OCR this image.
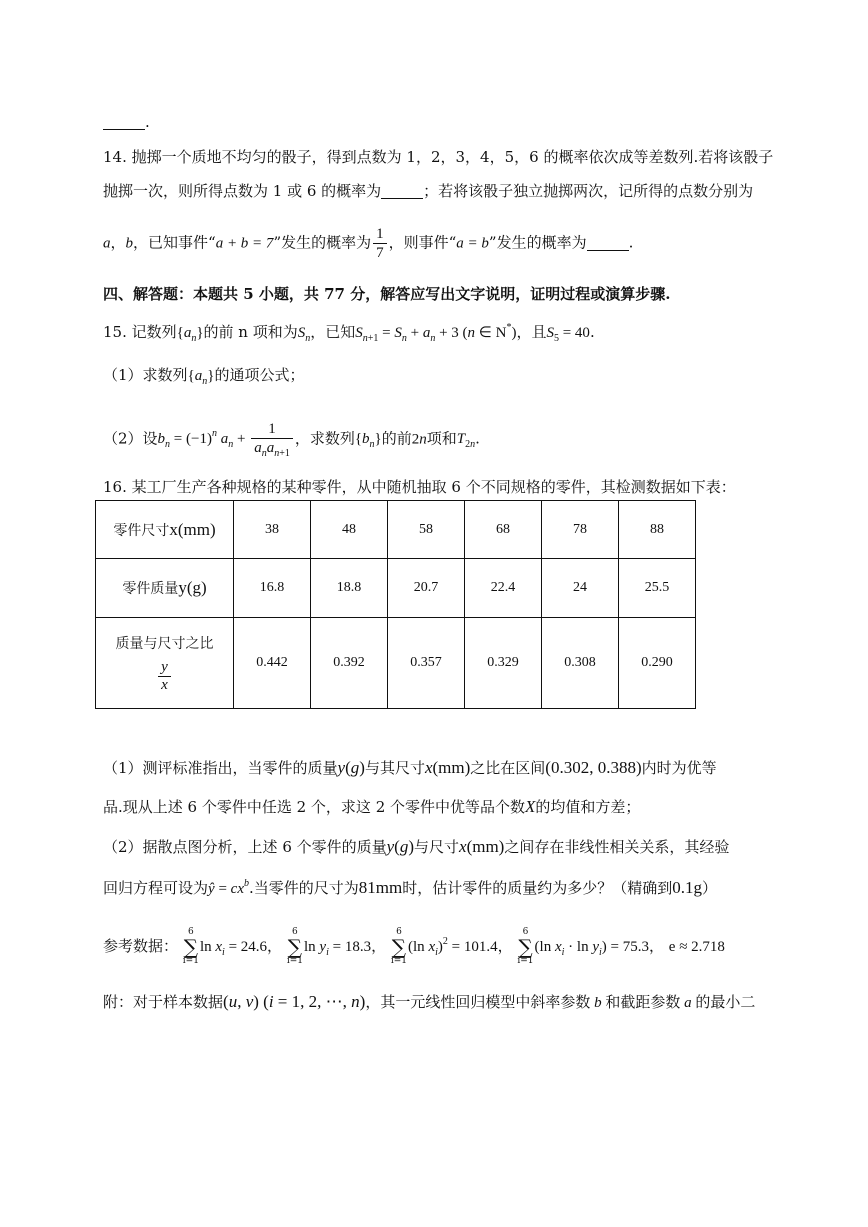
.
14. 抛掷一个质地不均匀的骰子，得到点数为 1，2，3，4，5，6 的概率依次成等差数列.若将该骰子
抛掷一次，则所得点数为 1 或 6 的概率为	；若将该骰子独立抛掷两次，记所得的点数分别为
a，b，已知事件“a + b = 7”发生的概率为 $\frac{1}{7}$ ，则事件“a = b”发生的概率为	.
四、解答题：本题共 5 小题，共 77 分，解答应写出文字说明，证明过程或演算步骤.
15. 记数列$\{a_n\}$的前 n 项和为$S_n$，已知$S_{n+1} = S_n + a_n + 3$ (n ∈ N*)，且$S_5 = 40$.
（1）求数列$\{a_n\}$的通项公式；
（2）设$b_n = (-1)^n$ $a_n + \frac{1}{a_na_{n+1}}$ ，求数列$\{b_n\}$的前2n项和$T_{2n}$.
16. 某工厂生产各种规格的某种零件，从中随机抽取 6 个不同规格的零件，其检测数据如下表：
零件尺寸x(mm)	38	48	58	68	78	88
零件质量y(g)	16.8	18.8	20.7	22.4	24	25.5

质量与尺寸之比
$\frac{y}{x}$	0.442	0.392	0.357	0.329	0.308	0.290
（1）测评标准指出，当零件的质量y(g)与其尺寸x(mm)之比在区间(0.302, 0.388)内时为优等
品.现从上述 6 个零件中任选 2 个，求这 2 个零件中优等品个数X的均值和方差；
（2）据散点图分析，上述 6 个零件的质量y(g)与尺寸x(mm)之间存在非线性相关关系，其经验
回归方程可设为ŷ = $cx^b$.当零件的尺寸为81mm时，估计零件的质量约为多少？（精确到0.1g）
参考数据：
6
∑
i=1
$\ln x_i = 24.6$，
6
∑
i=1
$\ln y_i = 18.3$，
6
∑
i=1
(ln $x_i)^2 = 101.4$，
6
∑
i=1
(ln $x_i \cdot \ln y_i) = 75.3$， e ≈ 2.718
附：对于样本数据(u, v) (i = 1, 2, ⋯, n)，其一元线性回归模型中斜率参数 b 和截距参数 a 的最小二
